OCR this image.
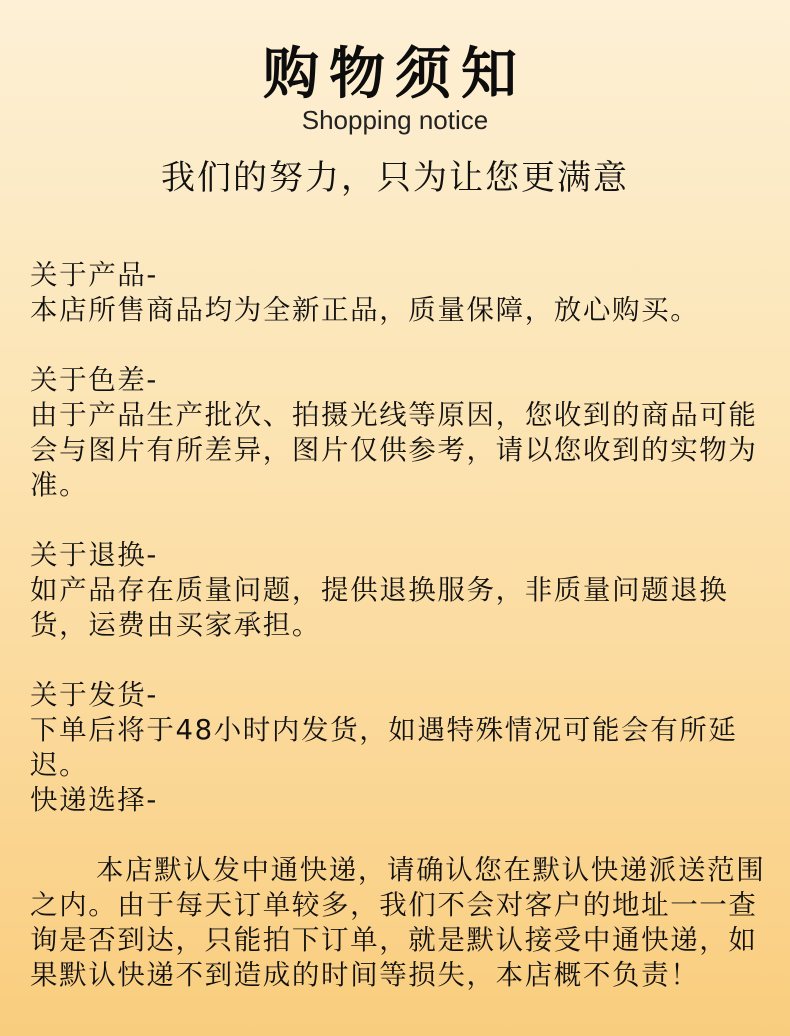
购物须知
Shopping notice
我们的努力，只为让您更满意
关于产品-
本店所售商品均为全新正品，质量保障，放心购买。
关于色差-
由于产品生产批次、拍摄光线等原因，您收到的商品可能会与图片有所差异，图片仅供参考，请以您收到的实物为准。
关于退换-
如产品存在质量问题，提供退换服务，非质量问题退换货，运费由买家承担。
关于发货-
下单后将于48小时内发货，如遇特殊情况可能会有所延迟。
快递选择-
本店默认发中通快递，请确认您在默认快递派送范围之内。由于每天订单较多，我们不会对客户的地址一一查询是否到达，只能拍下订单，就是默认接受中通快递，如果默认快递不到造成的时间等损失，本店概不负责！
